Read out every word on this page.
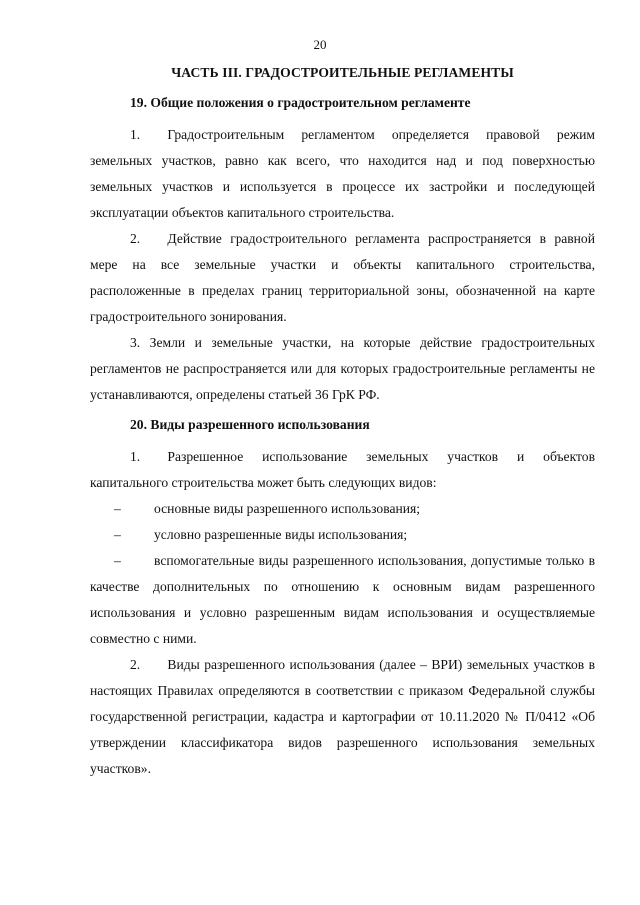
20
ЧАСТЬ III. ГРАДОСТРОИТЕЛЬНЫЕ РЕГЛАМЕНТЫ
19. Общие положения о градостроительном регламенте

1.  Градостроительным регламентом определяется правовой режим земельных участков, равно как всего, что находится над и под поверхностью земельных участков и используется в процессе их застройки и последующей эксплуатации объектов капитального строительства.

2.  Действие градостроительного регламента распространяется в равной мере на все земельные участки и объекты капитального строительства, расположенные в пределах границ территориальной зоны, обозначенной на карте градостроительного зонирования.

3. Земли и земельные участки, на которые действие градостроительных регламентов не распространяется или для которых градостроительные регламенты не устанавливаются, определены статьей 36 ГрК РФ.

20. Виды разрешенного использования

1.  Разрешенное использование земельных участков и объектов капитального строительства может быть следующих видов:

–	основные виды разрешенного использования;
–	условно разрешенные виды использования;

– вспомогательные виды разрешенного использования, допустимые только в качестве дополнительных по отношению к основным видам разрешенного использования и условно разрешенным видам использования и осуществляемые совместно с ними.

2.  Виды разрешенного использования (далее – ВРИ) земельных участков в настоящих Правилах определяются в соответствии с приказом Федеральной службы государственной регистрации, кадастра и картографии от 10.11.2020 № П/0412 «Об утверждении классификатора видов разрешенного использования земельных участков».
